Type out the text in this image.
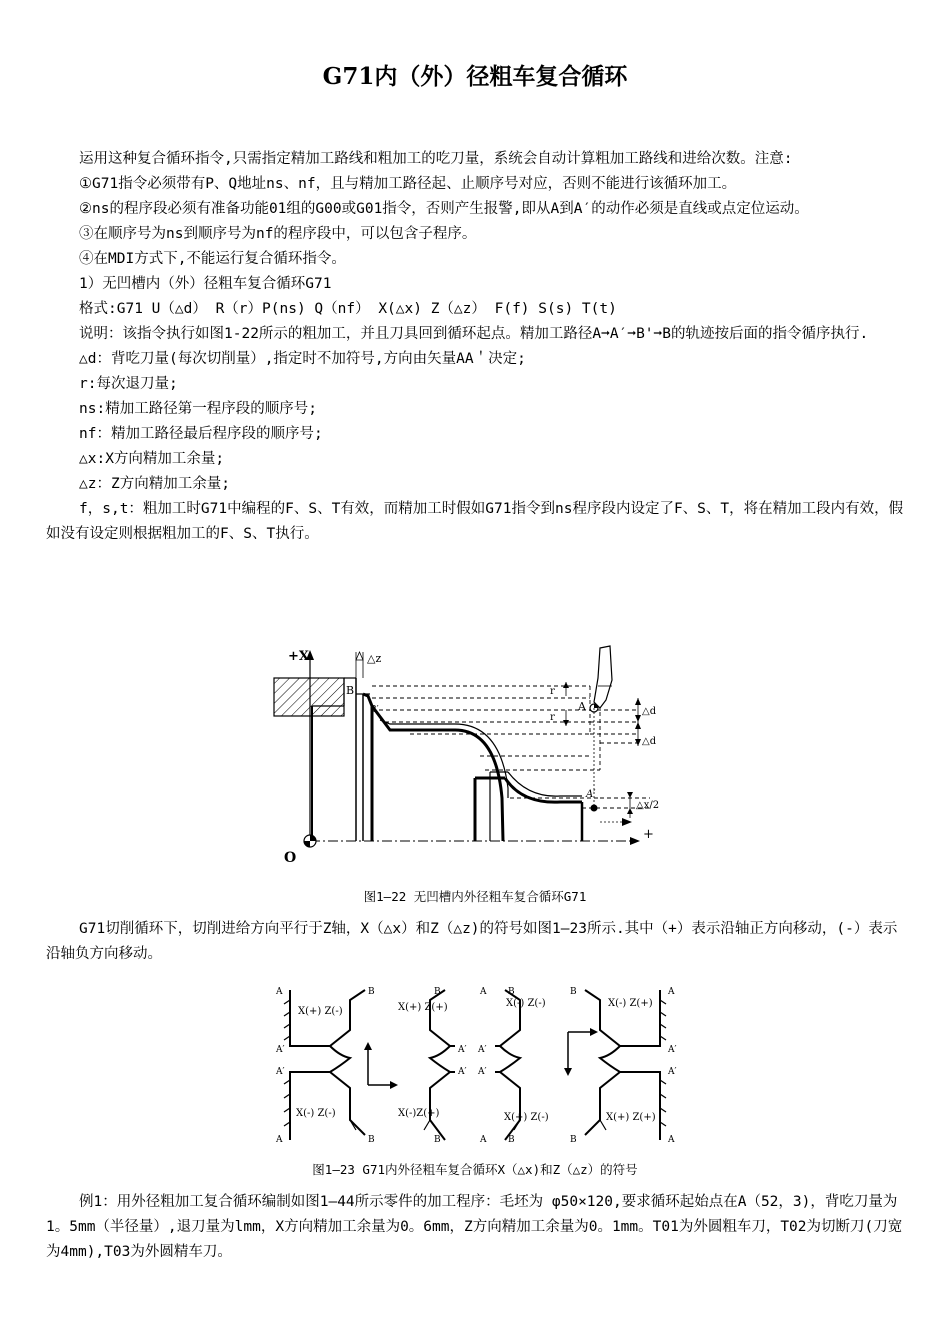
G71内（外）径粗车复合循环

运用这种复合循环指令,只需指定精加工路线和粗加工的吃刀量，系统会自动计算粗加工路线和进给次数。注意:

①G71指令必须带有P、Q地址ns、nf，且与精加工路径起、止顺序号对应，否则不能进行该循环加工。

②ns的程序段必须有准备功能01组的G00或G01指令，否则产生报警,即从A到A′的动作必须是直线或点定位运动。

③在顺序号为ns到顺序号为nf的程序段中，可以包含子程序。

④在MDI方式下,不能运行复合循环指令。

1）无凹槽内（外）径粗车复合循环G71

格式:G71 U（△d） R（r）P(ns) Q（nf） X(△x) Z（△z） F(f) S(s) T(t)

说明：该指令执行如图1-22所示的粗加工，并且刀具回到循环起点。精加工路径A➞A′➞B'➞B的轨迹按后面的指令循序执行.

△d：背吃刀量(每次切削量）,指定时不加符号,方向由矢量AA＇决定;

r:每次退刀量;

ns:精加工路径第一程序段的顺序号;

nf：精加工路径最后程序段的顺序号;

△x:X方向精加工余量;

△z：Z方向精加工余量;

f，s,t：粗加工时G71中编程的F、S、T有效，而精加工时假如G71指令到ns程序段内设定了F、S、T，将在精加工段内有效，假如没有设定则根据粗加工的F、S、T执行。

+X
+
O
△z
B
B′	A
A′
r
r
△d
△d
△x/2
图1—22 无凹槽内外径粗车复合循环G71

G71切削循环下，切削进给方向平行于Z轴，X（△x）和Z（△z)的符号如图1—23所示.其中（+）表示沿轴正方向移动，(-）表示沿轴负方向移动。

X(+) Z(-)	X(+) Z(+)
X(-) Z(-)	X(-)Z(+)
X(-) Z(-)	X(-) Z(+)
X(+) Z(-)	X(+) Z(+)
A
A′
A′
A
B
B
B
B
A′
A′
A
A′
A′
A
B
B
B
B
A
A′
A′
A
图1—23 G71内外径粗车复合循环X（△x)和Z（△z）的符号

例1：用外径粗加工复合循环编制如图1—44所示零件的加工程序：毛坯为 φ50×120,要求循环起始点在A（52，3)，背吃刀量为1。5mm（半径量）,退刀量为lmm，X方向精加工余量为0。6mm，Z方向精加工余量为0。1mm。T01为外圆粗车刀，T02为切断刀(刀宽为4mm),T03为外圆精车刀。
